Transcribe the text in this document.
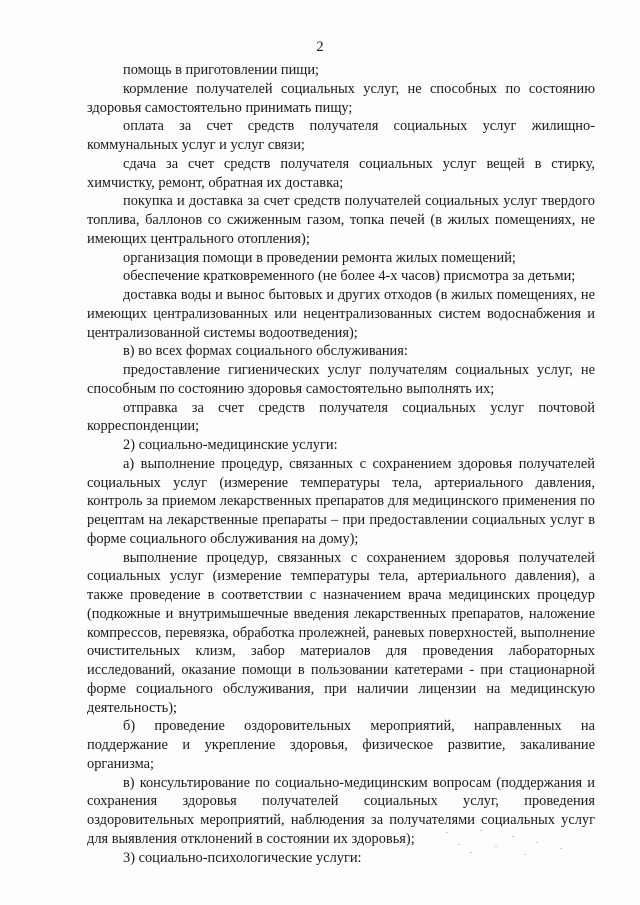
2

помощь в приготовлении пищи;

кормление получателей социальных услуг, не способных по состоянию здоровья самостоятельно принимать пищу;

оплата за счет средств получателя социальных услуг жилищно-коммунальных услуг и услуг связи;

сдача за счет средств получателя социальных услуг вещей в стирку, химчистку, ремонт, обратная их доставка;

покупка и доставка за счет средств получателей социальных услуг твердого топлива, баллонов со сжиженным газом, топка печей (в жилых помещениях, не имеющих центрального отопления);

организация помощи в проведении ремонта жилых помещений;

обеспечение кратковременного (не более 4-х часов) присмотра за детьми;

доставка воды и вынос бытовых и других отходов (в жилых помещениях, не имеющих централизованных или нецентрализованных систем водоснабжения и централизованной системы водоотведения);

в) во всех формах социального обслуживания:

предоставление гигиенических услуг получателям социальных услуг, не способным по состоянию здоровья самостоятельно выполнять их;

отправка за счет средств получателя социальных услуг почтовой корреспонденции;

2) социально-медицинские услуги:

а) выполнение процедур, связанных с сохранением здоровья получателей социальных услуг (измерение температуры тела, артериального давления, контроль за приемом лекарственных препаратов для медицинского применения по рецептам на лекарственные препараты – при предоставлении социальных услуг в форме социального обслуживания на дому);

выполнение процедур, связанных с сохранением здоровья получателей социальных услуг (измерение температуры тела, артериального давления), а также проведение в соответствии с назначением врача медицинских процедур (подкожные и внутримышечные введения лекарственных препаратов, наложение компрессов, перевязка, обработка пролежней, раневых поверхностей, выполнение очистительных клизм, забор материалов для проведения лабораторных исследований, оказание помощи в пользовании катетерами - при стационарной форме социального обслуживания, при наличии лицензии на медицинскую деятельность);

б) проведение оздоровительных мероприятий, направленных на поддержание и укрепление здоровья, физическое развитие, закаливание организма;

в) консультирование по социально-медицинским вопросам (поддержания и сохранения здоровья получателей социальных услуг, проведения оздоровительных мероприятий, наблюдения за получателями социальных услуг для выявления отклонений в состоянии их здоровья);

3) социально-психологические услуги:
